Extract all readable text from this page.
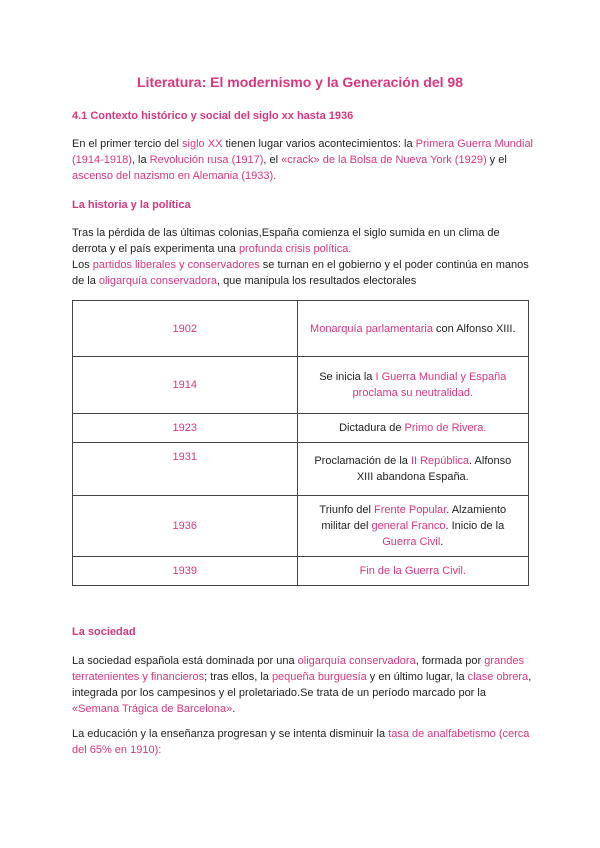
Literatura: El modernismo y la Generación del 98
4.1 Contexto histórico y social del siglo xx hasta 1936

En el primer tercio del siglo XX tienen lugar varios acontecimientos: la Primera Guerra Mundial (1914-1918), la Revolución rusa (1917), el «crack» de la Bolsa de Nueva York (1929) y el ascenso del nazismo en Alemania (1933).

La historia y la política

Tras la pérdida de las últimas colonias,España comienza el siglo sumida en un clima de derrota y el país experimenta una profunda crisis política.
Los partidos liberales y conservadores se turnan en el gobierno y el poder continúa en manos de la oligarquía conservadora, que manipula los resultados electorales

1902	Monarquía parlamentaria con Alfonso XIII.
1914	Se inicia la I Guerra Mundial y España proclama su neutralidad.
1923	Dictadura de Primo de Rivera.
1931	Proclamación de la II República. Alfonso XIII abandona España.
1936	Triunfo del Frente Popular. Alzamiento militar del general Franco. Inicio de la Guerra Civil.
1939	Fin de la Guerra Civil.
La sociedad

La sociedad española está dominada por una oligarquía conservadora, formada por grandes terratenientes y financieros; tras ellos, la pequeña burguesía y en último lugar, la clase obrera, integrada por los campesinos y el proletariado.Se trata de un período marcado por la «Semana Trágica de Barcelona».

La educación y la enseñanza progresan y se intenta disminuir la tasa de analfabetismo (cerca del 65% en 1910):
